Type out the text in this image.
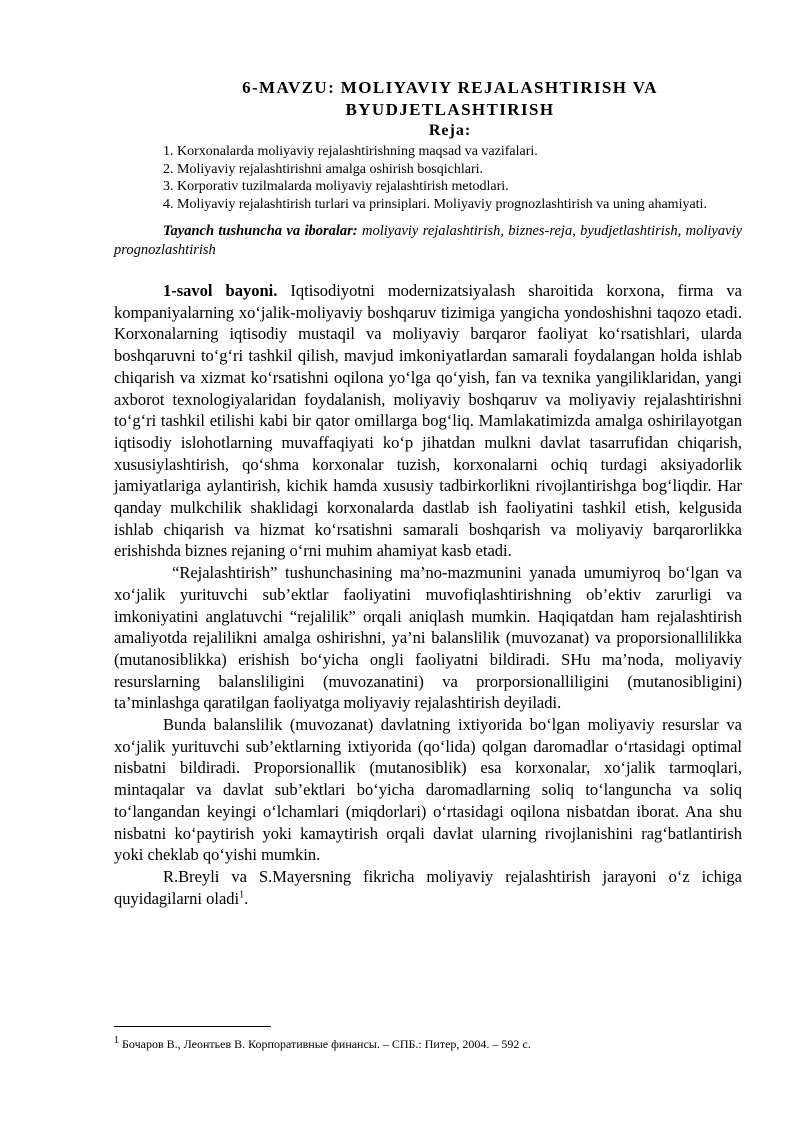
6-MAVZU: MOLIYAVIY REJALASHTIRISH VA
BYUDJETLASHTIRISH
Reja:
1. Korxonalarda moliyaviy rejalashtirishning maqsad va vazifalari.
2. Moliyaviy rejalashtirishni amalga oshirish bosqichlari.
3. Korporativ tuzilmalarda moliyaviy rejalashtirish metodlari.
4. Moliyaviy rejalashtirish turlari va prinsiplari. Moliyaviy prognozlashtirish va uning ahamiyati.
Tayanch tushuncha va iboralar: moliyaviy rejalashtirish, biznes-reja, byudjetlashtirish, moliyaviy prognozlashtirish

1-savol bayoni. Iqtisodiyotni modernizatsiyalash sharoitida korxona, firma va kompaniyalarning xo‘jalik-moliyaviy boshqaruv tizimiga yangicha yondoshishni taqozo etadi. Korxonalarning iqtisodiy mustaqil va moliyaviy barqaror faoliyat ko‘rsatishlari, ularda boshqaruvni to‘g‘ri tashkil qilish, mavjud imkoniyatlardan samarali foydalangan holda ishlab chiqarish va xizmat ko‘rsatishni oqilona yo‘lga qo‘yish, fan va texnika yangiliklaridan, yangi axborot texnologiyalaridan foydalanish, moliyaviy boshqaruv va moliyaviy rejalashtirishni to‘g‘ri tashkil etilishi kabi bir qator omillarga bog‘liq. Mamlakatimizda amalga oshirilayotgan iqtisodiy islohotlarning muvaffaqiyati ko‘p jihatdan mulkni davlat tasarrufidan chiqarish, xususiylashtirish, qo‘shma korxonalar tuzish, korxonalarni ochiq turdagi aksiyadorlik jamiyatlariga aylantirish, kichik hamda xususiy tadbirkorlikni rivojlantirishga bog‘liqdir. Har qanday mulkchilik shaklidagi korxonalarda dastlab ish faoliyatini tashkil etish, kelgusida ishlab chiqarish va hizmat ko‘rsatishni samarali boshqarish va moliyaviy barqarorlikka erishishda biznes rejaning o‘rni muhim ahamiyat kasb etadi.

“Rejalashtirish” tushunchasining ma’no-mazmunini yanada umumiyroq bo‘lgan va xo‘jalik yurituvchi sub’ektlar faoliyatini muvofiqlashtirishning ob’ektiv zarurligi va imkoniyatini anglatuvchi “rejalilik” orqali aniqlash mumkin. Haqiqatdan ham rejalashtirish amaliyotda rejalilikni amalga oshirishni, ya’ni balanslilik (muvozanat) va proporsionallilikka (mutanosiblikka) erishish bo‘yicha ongli faoliyatni bildiradi. SHu ma’noda, moliyaviy resurslarning balansliligini (muvozanatini) va prorporsionalliligini (mutanosibligini) ta’minlashga qaratilgan faoliyatga moliyaviy rejalashtirish deyiladi.

Bunda balanslilik (muvozanat) davlatning ixtiyorida bo‘lgan moliyaviy resurslar va xo‘jalik yurituvchi sub’ektlarning ixtiyorida (qo‘lida) qolgan daromadlar o‘rtasidagi optimal nisbatni bildiradi. Proporsionallik (mutanosiblik) esa korxonalar, xo‘jalik tarmoqlari, mintaqalar va davlat sub’ektlari bo‘yicha daromadlarning soliq to‘languncha va soliq to‘langandan keyingi o‘lchamlari (miqdorlari) o‘rtasidagi oqilona nisbatdan iborat. Ana shu nisbatni ko‘paytirish yoki kamaytirish orqali davlat ularning rivojlanishini rag‘batlantirish yoki cheklab qo‘yishi mumkin.

R.Breyli va S.Mayersning fikricha moliyaviy rejalashtirish jarayoni o‘z ichiga quyidagilarni oladi$^1$.

$^1$ Бочаров В., Леонтьев В. Корпоративные финансы. – СПБ.: Питер, 2004. – 592 с.
